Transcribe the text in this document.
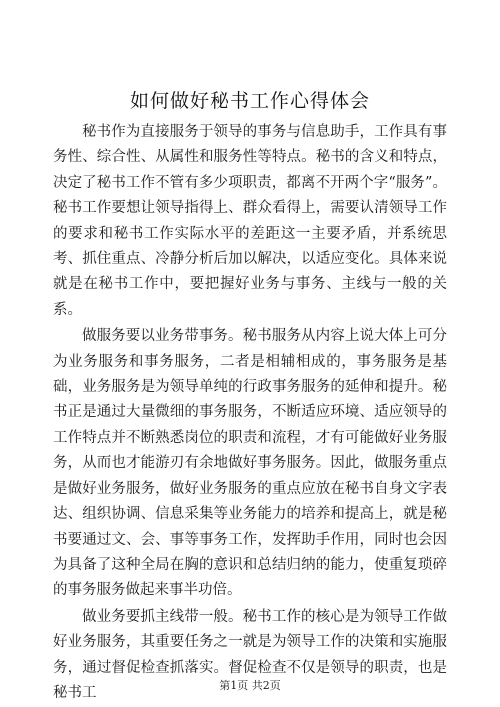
如何做好秘书工作心得体会

秘书作为直接服务于领导的事务与信息助手，工作具有事务性、综合性、从属性和服务性等特点。秘书的含义和特点，决定了秘书工作不管有多少项职责，都离不开两个字“服务”。秘书工作要想让领导指得上、群众看得上，需要认清领导工作的要求和秘书工作实际水平的差距这一主要矛盾，并系统思考、抓住重点、冷静分析后加以解决，以适应变化。具体来说就是在秘书工作中，要把握好业务与事务、主线与一般的关系。

做服务要以业务带事务。秘书服务从内容上说大体上可分为业务服务和事务服务，二者是相辅相成的，事务服务是基础，业务服务是为领导单纯的行政事务服务的延伸和提升。秘书正是通过大量微细的事务服务，不断适应环境、适应领导的工作特点并不断熟悉岗位的职责和流程，才有可能做好业务服务，从而也才能游刃有余地做好事务服务。因此，做服务重点是做好业务服务，做好业务服务的重点应放在秘书自身文字表达、组织协调、信息采集等业务能力的培养和提高上，就是秘书要通过文、会、事等事务工作，发挥助手作用，同时也会因为具备了这种全局在胸的意识和总结归纳的能力，使重复琐碎的事务服务做起来事半功倍。

做业务要抓主线带一般。秘书工作的核心是为领导工作做好业务服务，其重要任务之一就是为领导工作的决策和实施服务，通过督促检查抓落实。督促检查不仅是领导的职责，也是秘书工	第1页 共2页
